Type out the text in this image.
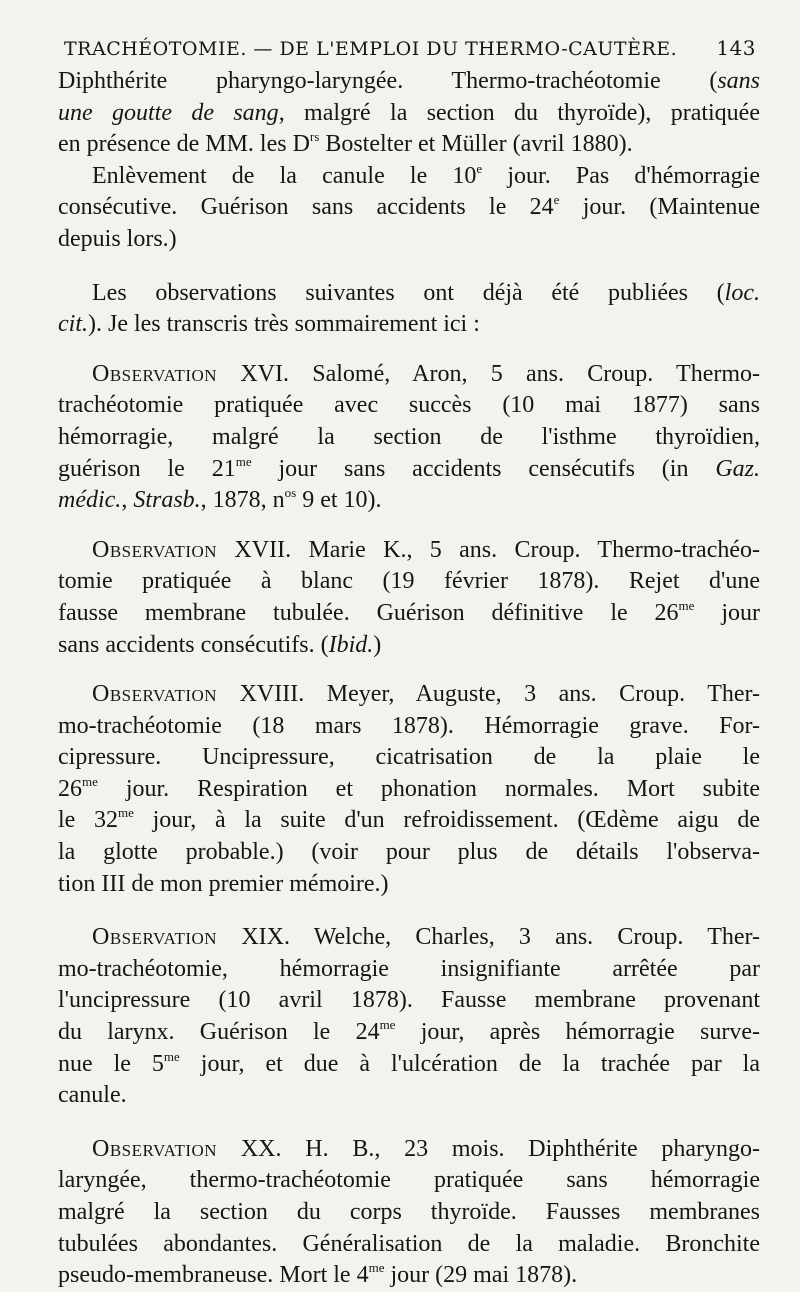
TRACHÉOTOMIE. — DE L'EMPLOI DU THERMO-CAUTÈRE. 143

Diphthérite pharyngo-laryngée. Thermo-trachéotomie (sans
une goutte de sang, malgré la section du thyroïde), pratiquée
en présence de MM. les $D^{rs}$ Bostelter et Müller (avril 1880).

Enlèvement de la canule le 10e jour. Pas d'hémorragie
consécutive. Guérison sans accidents le 24e jour. (Maintenue
depuis lors.)

Les observations suivantes ont déjà été publiées (loc.
cit.). Je les transcris très sommairement ici :

Observation XVI. Salomé, Aron, 5 ans. Croup. Thermo-
trachéotomie pratiquée avec succès (10 mai 1877) sans
hémorragie, malgré la section de l'isthme thyroïdien,
guérison le $21^{me}$ jour sans accidents censécutifs (in Gaz.
médic., Strasb., 1878, $n^{os}$ 9 et 10).

Observation XVII. Marie K., 5 ans. Croup. Thermo-trachéo-
tomie pratiquée à blanc (19 février 1878). Rejet d'une
fausse membrane tubulée. Guérison définitive le $26^{me}$ jour
sans accidents consécutifs. (Ibid.)

Observation XVIII. Meyer, Auguste, 3 ans. Croup. Ther-
mo-trachéotomie (18 mars 1878). Hémorragie grave. For-
cipressure. Uncipressure, cicatrisation de la plaie le
$26^{me}$ jour. Respiration et phonation normales. Mort subite
le $32^{me}$ jour, à la suite d'un refroidissement. (Œdème aigu de
la glotte probable.) (voir pour plus de détails l'observa-
tion III de mon premier mémoire.)

Observation XIX. Welche, Charles, 3 ans. Croup. Ther-
mo-trachéotomie, hémorragie insignifiante arrêtée par
l'uncipressure (10 avril 1878). Fausse membrane provenant
du larynx. Guérison le $24^{me}$ jour, après hémorragie surve-
nue le $5^{me}$ jour, et due à l'ulcération de la trachée par la
canule.

Observation XX. H. B., 23 mois. Diphthérite pharyngo-
laryngée, thermo-trachéotomie pratiquée sans hémorragie
malgré la section du corps thyroïde. Fausses membranes
tubulées abondantes. Généralisation de la maladie. Bronchite
pseudo-membraneuse. Mort le $4^{me}$ jour (29 mai 1878).
